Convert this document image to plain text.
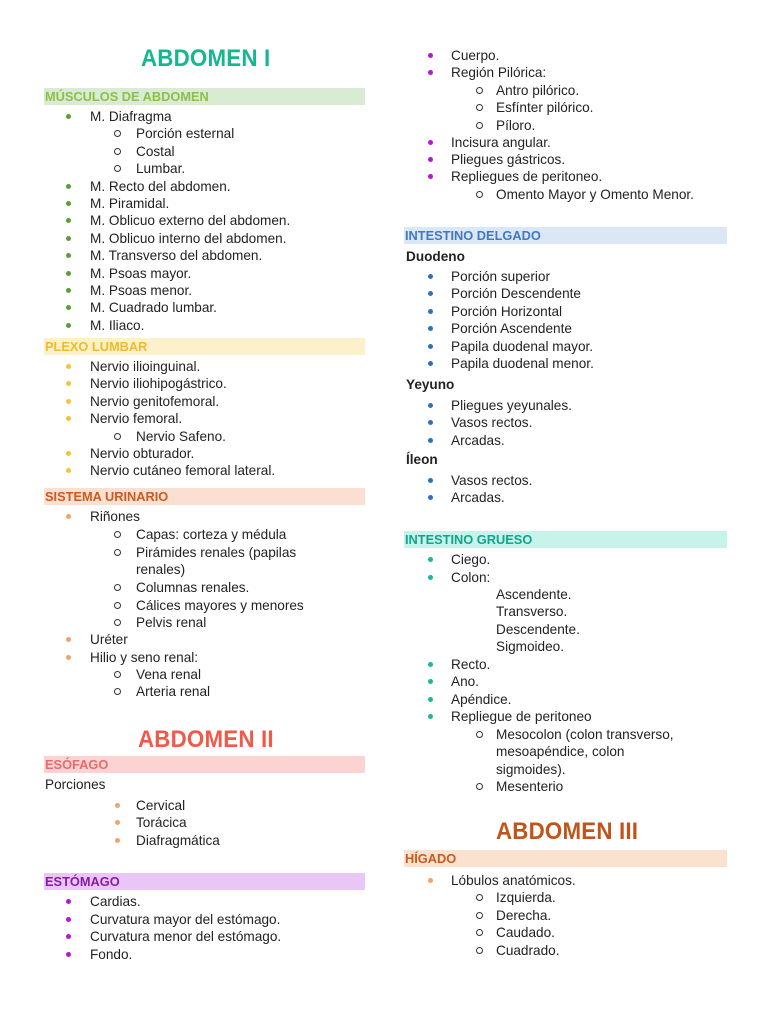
ABDOMEN I
MÚSCULOS DE ABDOMEN
M. Diafragma
Porción esternal
Costal
Lumbar.
M. Recto del abdomen.
M. Piramidal.
M. Oblicuo externo del abdomen.
M. Oblicuo interno del abdomen.
M. Transverso del abdomen.
M. Psoas mayor.
M. Psoas menor.
M. Cuadrado lumbar.
M. Iliaco.
PLEXO LUMBAR
Nervio ilioinguinal.
Nervio iliohipogástrico.
Nervio genitofemoral.
Nervio femoral.
Nervio Safeno.
Nervio obturador.
Nervio cutáneo femoral lateral.
SISTEMA URINARIO
Riñones
Capas: corteza y médula
Pirámides renales (papilas
renales)
Columnas renales.
Cálices mayores y menores
Pelvis renal
Uréter
Hilio y seno renal:
Vena renal
Arteria renal
ABDOMEN II
ESÓFAGO
Porciones
Cervical
Torácica
Diafragmática
ESTÓMAGO
Cardias.
Curvatura mayor del estómago.
Curvatura menor del estómago.
Fondo.
Cuerpo.
Región Pilórica:
Antro pilórico.
Esfínter pilórico.
Píloro.
Incisura angular.
Pliegues gástricos.
Repliegues de peritoneo.
Omento Mayor y Omento Menor.
INTESTINO DELGADO
Duodeno
Porción superior
Porción Descendente
Porción Horizontal
Porción Ascendente
Papila duodenal mayor.
Papila duodenal menor.
Yeyuno
Pliegues yeyunales.
Vasos rectos.
Arcadas.
Íleon
Vasos rectos.
Arcadas.
INTESTINO GRUESO
Ciego.
Colon:
Ascendente.
Transverso.
Descendente.
Sigmoideo.
Recto.
Ano.
Apéndice.
Repliegue de peritoneo
Mesocolon (colon transverso,
mesoapéndice, colon
sigmoides).
Mesenterio
ABDOMEN III
HÍGADO
Lóbulos anatómicos.
Izquierda.
Derecha.
Caudado.
Cuadrado.
